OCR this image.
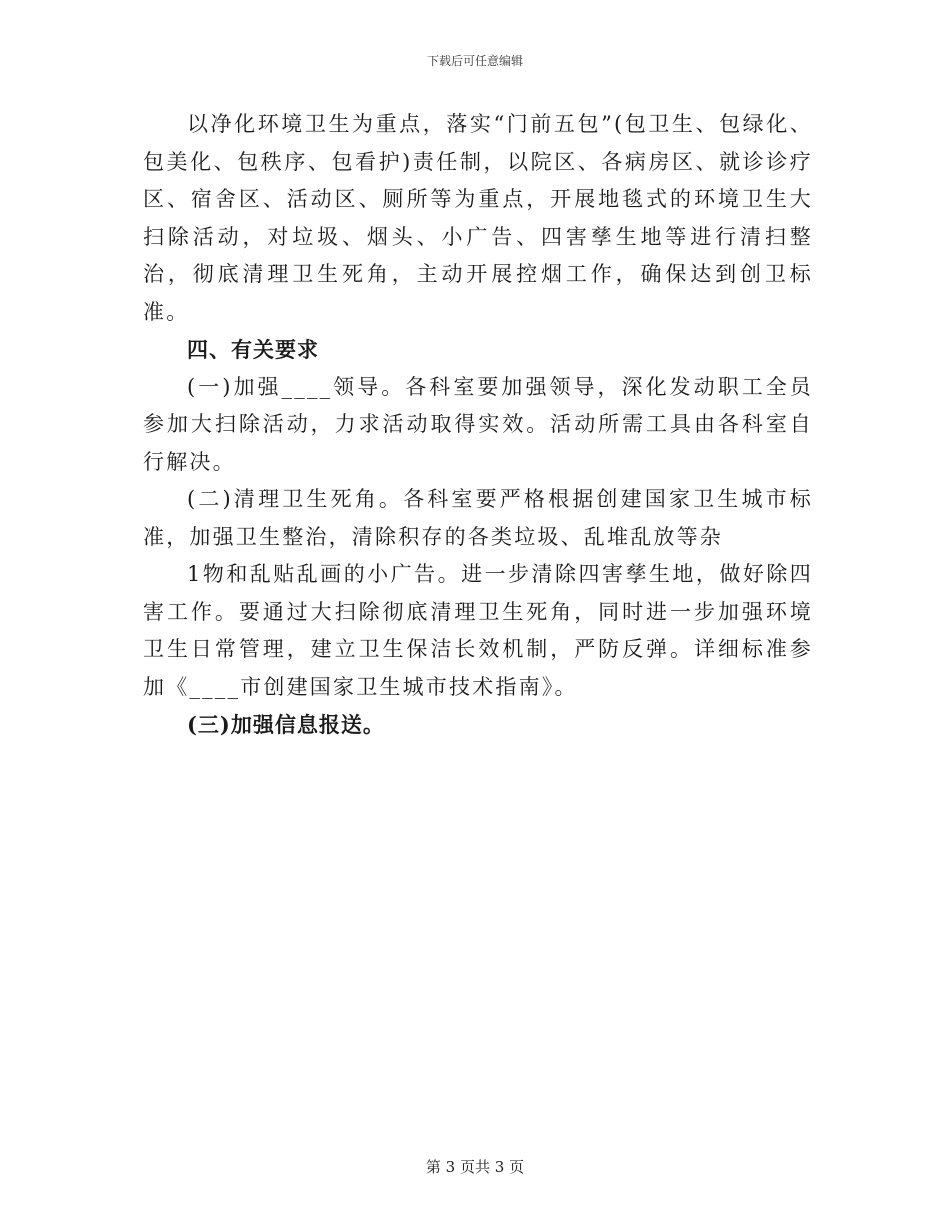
下载后可任意编辑

以净化环境卫生为重点，落实“门前五包”(包卫生、包绿化、包美化、包秩序、包看护)责任制，以院区、各病房区、就诊诊疗区、宿舍区、活动区、厕所等为重点，开展地毯式的环境卫生大扫除活动，对垃圾、烟头、小广告、四害孳生地等进行清扫整治，彻底清理卫生死角，主动开展控烟工作，确保达到创卫标准。

四、有关要求

(一)加强____领导。各科室要加强领导，深化发动职工全员参加大扫除活动，力求活动取得实效。活动所需工具由各科室自行解决。

(二)清理卫生死角。各科室要严格根据创建国家卫生城市标准，加强卫生整治，清除积存的各类垃圾、乱堆乱放等杂

1物和乱贴乱画的小广告。进一步清除四害孳生地，做好除四害工作。要通过大扫除彻底清理卫生死角，同时进一步加强环境卫生日常管理，建立卫生保洁长效机制，严防反弹。详细标准参加《____市创建国家卫生城市技术指南》。

(三)加强信息报送。

第 3 页共 3 页
